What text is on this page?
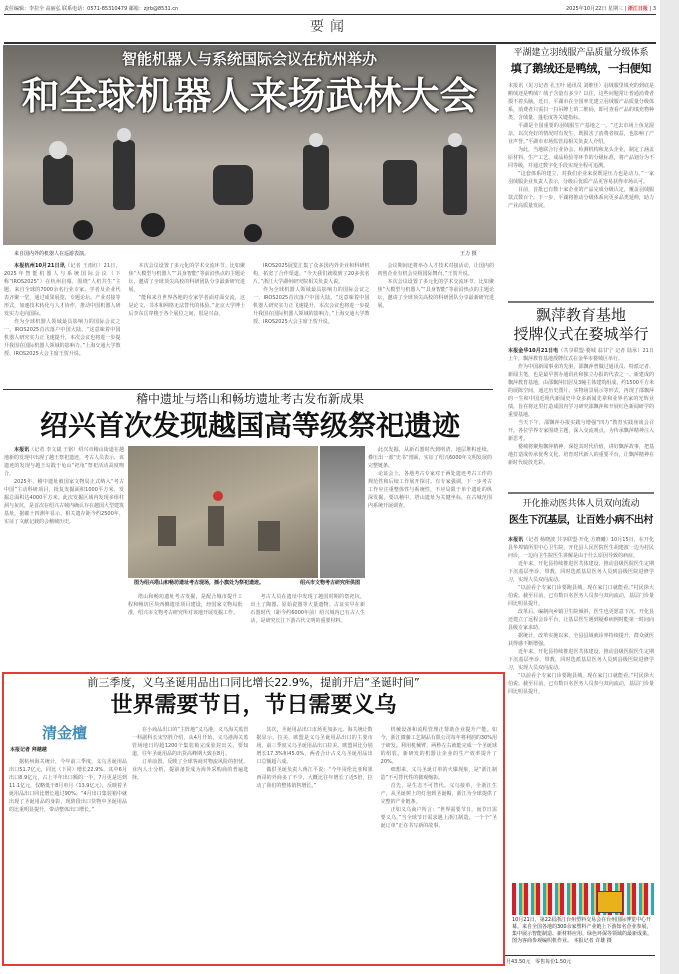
责任编辑：李拉全 高丽弘 联系电话：0571-85310479 邮箱：zjrb@8531.cn	2025年10月22日 星期三 | 浙江日报 | 3
要闻
智能机器人与系统国际会议在杭州举办
和全球机器人来场武林大会
来自国内外的机器人在巡游表演。	王力 摄

本报杭州10月21日讯（记者 王雨红）21日，2025年智能机器人与系统国际会议（下称“IROS2025”）在杭州启幕，围绕“人机共生”主题，来自全球的7000余名行业专家、学者及企业代表齐聚一堂，通过成果展览、专题论坛、产业对接等形式，加速技术转化与人才协作，推动中国机器人研发实力走向国际。

作为全球机器人领域最具影响力的国际会议之一，IROS2025首次落户中国大陆。“这意味着中国机器人研究实力正飞速提升，本次会议也将进一步提升我国在国际机器人领域的影响力。”上海交通大学教授、IROS2025大会主席王贺升说。

本次会议设置了多元化的学术交流环节。比如聚焦“大模型与机器人”“具身智能”等前沿热点的主题论坛，邀请了全球顶尖高校的科研团队分享最新研究进展。

“能和来自世界各地的专家学者面对面交流，这是论文、书本和网络无法替代的体验。”北京大学博士后李东岳穿梭于各个展位之间，很是兴奋。

IROS2025展览汇集了众多国内外企业和科研机构，拓宽了合作渠道。“今天我们就收到了20多张名片。”浙江大学湖州研究院相关负责人说。

作为全球机器人领域最具影响力的国际会议之一，IROS2025首次落户中国大陆。“这意味着中国机器人研究实力正飞速提升，本次会议也将进一步提升我国在国际机器人领域的影响力。”上海交通大学教授、IROS2025大会主席王贺升说。

会议期间还将举办人才技术对接活动，让国内的初创企业有机会亮相国际舞台。”王贺升说。

本次会议设置了多元化的学术交流环节。比如聚焦“大模型与机器人”“具身智能”等前沿热点的主题论坛，邀请了全球顶尖高校的科研团队分享最新研究进展。

稽中遗址与塔山和畅坊遗址考古发布新成果
绍兴首次发现越国高等级祭祀遗迹

本报讯（记者 李文斌 王铭）绍兴市稽山街道在越地新的发现中出现了越王祭祀遗迹。考古人员表示，该遗迹的发现与越王勾践于龟山“祀龟”祭祀活动高度吻合。

2025年，稽中遗址被国家文物局正式纳入“考古中国”主动科研项目，批复发掘面积1000平方米，发掘总面积达4000平方米。此次发掘区域内发现多组柱洞与灰坑，是首次在绍兴古城内确认存在越国大型建筑基址。据碳十四测年显示，相关遗存距今约2500年，实证了文献记载的会稽城历史。

此次发掘，从新石器时代到明清，地层堆积连续，叠压出一部“史书”剖面，实证了绍兴6000年文明发展的完整链条。

论证会上，各地考古专家对于两处遗迹考古工作的规范性和后续工作展开探讨。有专家强调，下一步考古工作应注重整体性与系统性，不应局限于单个遗址的纵深发掘，要以稽中、塔山遗址为关键坐标，在古城范围内系统开展调查。

图为绍兴塔山和畅坊遗址考古现场，插小旗处为祭祀遗迹。	绍兴市文物考古研究所供图

塔山和畅坊遗址考古发掘，是配合城市提升工程和畅坊区块西侧遗址项目建设，经国家文物局批准，绍兴市文物考古研究所对该地开展发掘工作。

考古人员在遗址中发现了越国时期的祭祀坑，出土了陶器、原始瓷器等大量遗物。古证实早在新石器时代（距今约6000年前）绍兴城内已有古人生活，是研究长江下游古代文明的重要材料。

前三季度，义乌圣诞用品出口同比增长22.9%，提前开启“圣诞时间”
世界需要节日，节日需要义乌
清金檀
本报记者 拜越越

据杭州海关统计，今年前三季度，义乌圣诞用品出口51.7亿元，同比（下同）增长22.9%，其中6月出口8.9亿元，占上半年出口额的一半，7月更是达到11.1亿元，仅略低于8月单月（13.9亿元），反映着圣诞用品出口同比增长超过90%。“4月出口集装箱中就出现了圣诞用品的身影，现阶段出口货物中圣诞用品的比重明显提升，带动整体出口增长。”

在小商品出口的“主阵地”义乌港，义乌海关监管一科副科长宋坚胜介绍，从4月开始，义乌港海关监管场地日均超1200个集装箱完成验封出关。要知道，往年圣诞用品的出货高峰期大致在8月。

订单前置，反映了全球客商对物流风险的担忧。业内人士分析，提前备货成为海外采购商的普遍选择。

其次，圣诞用品出口市场更加多元。海关统计数据显示，拉美、欧盟是义乌圣诞用品出口的主要市场，前三季度义乌圣诞用品出口拉美、欧盟同比分别增长17.3%和45.0%，两者合计占义乌圣诞用品出口总额超六成。

做供圣诞负责人蒋江平说：“今年哥伦比亚和墨西哥的外商多了不少，大概比往年增长了近5倍，拉动了我们的整体销售增长。”

机械设备和流程管理正帮助企业提升产能。如今，浙江微藤工艺制品有限公司每年将利润的30%用于研发。利用机械臂，两秒左右就能完成一个圣诞球的组装。新研发的机器让企业的生产效率提升了20%。

细想来，义乌圣诞订单的火爆现象，是“浙江制造”不可替代性的微观缩影。

首先，是生态不可替代。义乌接单，全浙江生产，从圣诞树上的灯泡到圣诞帽，浙江为全球提供了完整的产业链条。

正如义乌商户所言：“世界需要节日，而节日需要义乌。”当全球节日需求遇上浙江制造，一个个“圣诞订单”正在书写新的故事。

平湖建立羽绒服产品质量分级体系
填了鹅绒还是鸭绒，一扫便知

本报讯（见习记者 孔玉叶 通讯员 刘维佳）羽绒服里填充的到底是鹅绒还是鸭绒？绒子含量有多少？以往，这些问题常让普通消费者摸不着头脑。近日，平湖市在全国率先建立羽绒服产品质量分级体系，消费者只需扫一扫吊牌上的二维码，即可查看产品的填充物种类、含绒量、蓬松度等关键指标。

平湖是全国重要的羽绒服生产基地之一。“过去市场上鱼龙混杂，以次充好的情况时有发生，既损害了消费者权益，也影响了产业声誉。”平湖市市场监管局相关负责人介绍。

为此，当地联合行业协会、检测机构和龙头企业，制定了涵盖原材料、生产工艺、成品检验等环节的分级标准，将产品划分为不同等级，并通过数字化手段实现全程可追溯。

“这套体系的建立，对我们企业来说既是压力也是动力。”一家羽绒服企业负责人表示，分级后优质产品更容易获得市场认可。

目前，首批已有数十家企业的产品完成分级认定，覆盖羽绒服款式数百个。下一步，平湖将推动分级体系向更多品类延伸，助力产业高质量发展。

飘萍教育基地
授牌仪式在婺城举行

本报金华10月21日电（共享联盟·婺城 翁甘宁 记者 陆承）21日上午，飘萍教育基地授牌仪式在金华市婺城区举行。

作为中国新闻事业的先驱，邵飘萍曾做过通讯员、特派记者、新闻主笔，也是最早创办通讯社和独立办报的代表之一。新建成的飘萍教育基地，由邵飘萍旧居及3幢主体建筑组成，约1500平方米的展陈空间，通过历史图片、实物场景展示等形式，再现了邵飘萍的一生和中国近现代新闻史中众多新闻先辈和业界名家的光辉业绩，旨在将这里打造成国内学习研究邵飘萍和开展红色新闻研学的重要基地。

当天下午，邵飘萍办报实践与增强“四力”教育实践座谈会召开。各位学界专家围绕主题，深入交流观点，为传承飘萍精神注入新思考。

婺城将聚焦飘萍精神，深挖其时代价值，讲好飘萍故事，把基地打造成传承优秀文化、培育时代新人的重要平台，让飘萍精神在新时代绽放光彩。

开化推动医共体人员双向流动
医生下沉基层，让百姓小病不出村

本报讯（记者 杨晓波 共享联盟·开化 方晓曦）10月15日，在开化县华埠镇所里中心卫生院，开化县人民医院医生胡建波一边为村民问诊，一边向卫生院医生讲解是由于什么原因导致的病症。

近年来，开化县持续推进医共体建设，推动县级医院医生定期下沉基层坐诊、带教，同时选派基层医务人员到县级医院进修学习，实现人员双向流动。

“以前看个专家门诊要跑县城，现在家门口就能看。”村民徐大伯说。截至目前，已有数百名医务人员参与双向流动，基层门诊量同比明显提升。

改革后，编制向乡镇卫生院倾斜，医生也更愿意下沉。开化县还建立了远程会诊平台，让基层医生遇到疑难病例时能第一时间向县级专家求助。

据统计，改革实施以来，全县县域就诊率持续提升，群众就医获得感不断增强。

近年来，开化县持续推进医共体建设，推动县级医院医生定期下沉基层坐诊、带教，同时选派基层医务人员到县级医院进修学习，实现人员双向流动。

“以前看个专家门诊要跑县城，现在家门口就能看。”村民徐大伯说。截至目前，已有数百名医务人员参与双向流动，基层门诊量同比明显提升。

10月21日，第22届浙江台州塑料交易会在台州国际博览中心开幕。来自全国各地的300余家塑料产业链上下游知名企业参展，集中展示智能制造、新材料应用、绿色环保等领域的最新成果。图为客商参观编织机作业。 本报记者 许雄 摄
月43.50元 零售每份1.50元
